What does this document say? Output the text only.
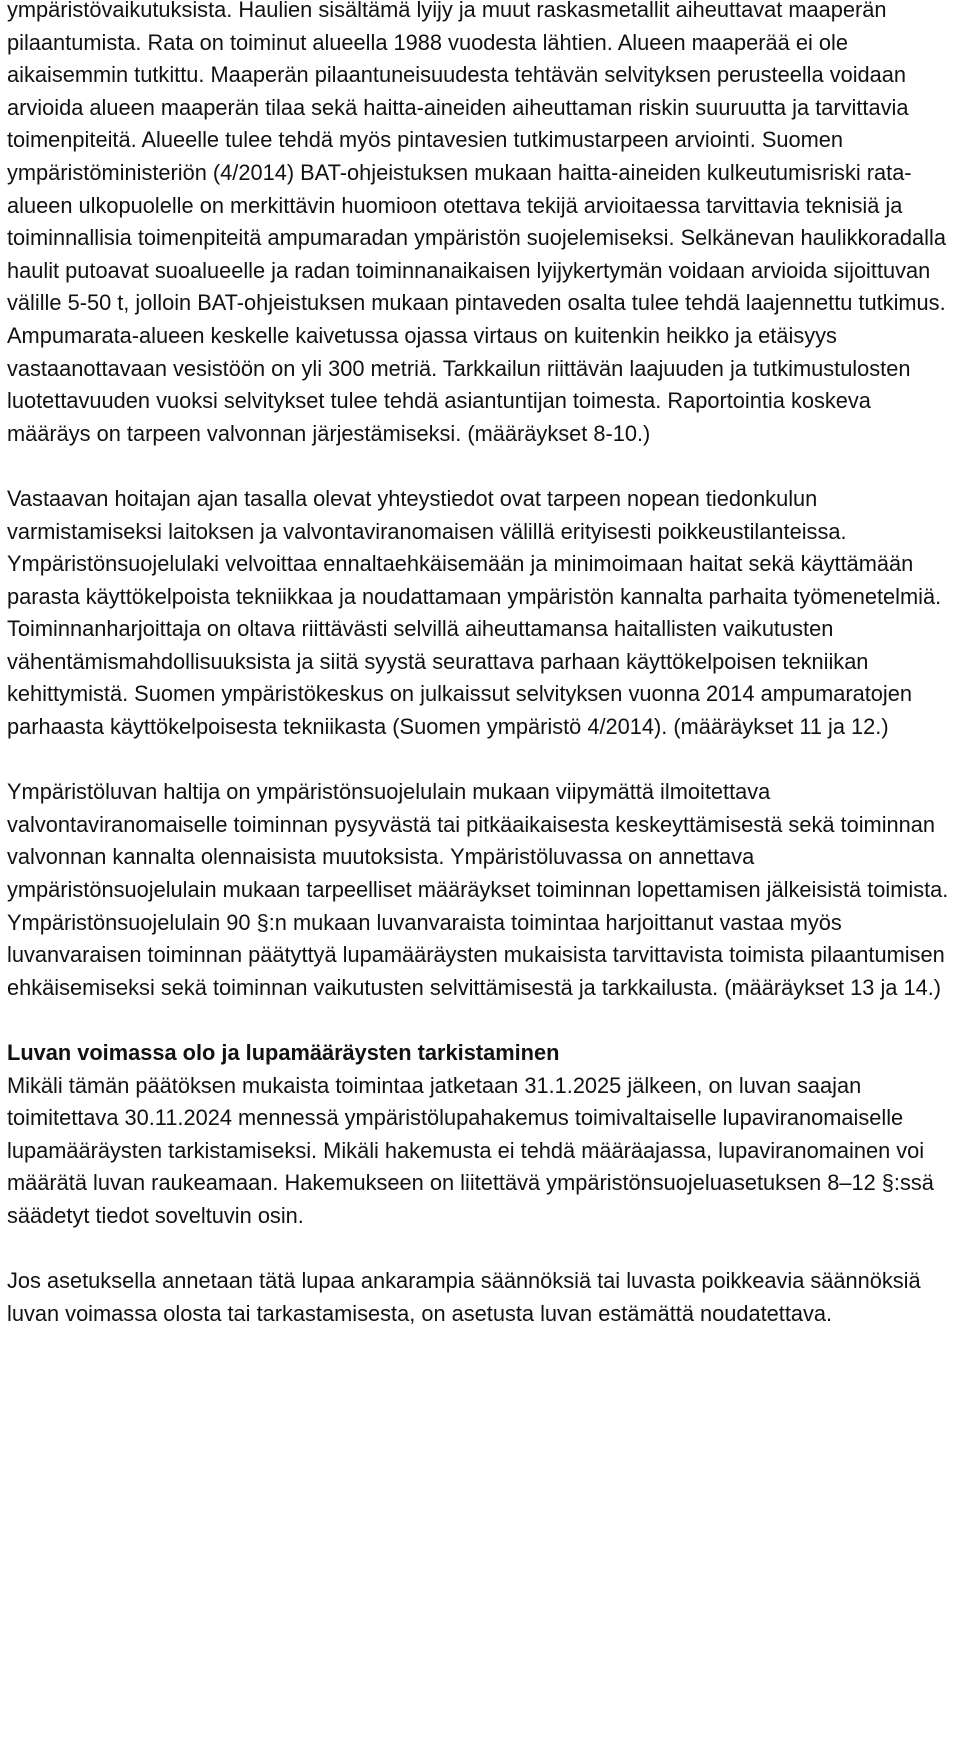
ympäristövaikutuksista. Haulien sisältämä lyijy ja muut raskasmetallit aiheuttavat maaperän pilaantumista. Rata on toiminut alueella 1988 vuodesta lähtien. Alueen maaperää ei ole aikaisemmin tutkittu. Maaperän pilaantuneisuudesta tehtävän selvityksen perusteella voidaan arvioida alueen maaperän tilaa sekä haitta-aineiden aiheuttaman riskin suuruutta ja tarvittavia toimenpiteitä. Alueelle tulee tehdä myös pintavesien tutkimustarpeen arviointi. Suomen ympäristöministeriön (4/2014) BAT-ohjeistuksen mukaan haitta-aineiden kulkeutumisriski rata-alueen ulkopuolelle on merkittävin huomioon otettava tekijä arvioitaessa tarvittavia teknisiä ja toiminnallisia toimenpiteitä ampumaradan ympäristön suojelemiseksi. Selkänevan haulikkoradalla haulit putoavat suoalueelle ja radan toiminnanaikaisen lyijykertymän voidaan arvioida sijoittuvan välille 5-50 t, jolloin BAT-ohjeistuksen mukaan pintaveden osalta tulee tehdä laajennettu tutkimus. Ampumarata-alueen keskelle kaivetussa ojassa virtaus on kuitenkin heikko ja etäisyys vastaanottavaan vesistöön on yli 300 metriä. Tarkkailun riittävän laajuuden ja tutkimustulosten luotettavuuden vuoksi selvitykset tulee tehdä asiantuntijan toimesta. Raportointia koskeva määräys on tarpeen valvonnan järjestämiseksi. (määräykset 8-10.)

Vastaavan hoitajan ajan tasalla olevat yhteystiedot ovat tarpeen nopean tiedonkulun varmistamiseksi laitoksen ja valvontaviranomaisen välillä erityisesti poikkeustilanteissa. Ympäristönsuojelulaki velvoittaa ennaltaehkäisemään ja minimoimaan haitat sekä käyttämään parasta käyttökelpoista tekniikkaa ja noudattamaan ympäristön kannalta parhaita työmenetelmiä. Toiminnanharjoittaja on oltava riittävästi selvillä aiheuttamansa haitallisten vaikutusten vähentämismahdollisuuksista ja siitä syystä seurattava parhaan käyttökelpoisen tekniikan kehittymistä. Suomen ympäristökeskus on julkaissut selvityksen vuonna 2014 ampumaratojen parhaasta käyttökelpoisesta tekniikasta (Suomen ympäristö 4/2014). (määräykset 11 ja 12.)

Ympäristöluvan haltija on ympäristönsuojelulain mukaan viipymättä ilmoitettava valvontaviranomaiselle toiminnan pysyvästä tai pitkäaikaisesta keskeyttämisestä sekä toiminnan valvonnan kannalta olennaisista muutoksista. Ympäristöluvassa on annettava ympäristönsuojelulain mukaan tarpeelliset määräykset toiminnan lopettamisen jälkeisistä toimista. Ympäristönsuojelulain 90 §:n mukaan luvanvaraista toimintaa harjoittanut vastaa myös luvanvaraisen toiminnan päätyttyä lupamääräysten mukaisista tarvittavista toimista pilaantumisen ehkäisemiseksi sekä toiminnan vaikutusten selvittämisestä ja tarkkailusta. (määräykset 13 ja 14.)

Luvan voimassa olo ja lupamääräysten tarkistaminen

Mikäli tämän päätöksen mukaista toimintaa jatketaan 31.1.2025 jälkeen, on luvan saajan toimitettava 30.11.2024 mennessä ympäristölupahakemus toimivaltaiselle lupaviranomaiselle lupamääräysten tarkistamiseksi. Mikäli hakemusta ei tehdä määräajassa, lupaviranomainen voi määrätä luvan raukeamaan. Hakemukseen on liitettävä ympäristönsuojeluasetuksen 8–12 §:ssä säädetyt tiedot soveltuvin osin.

Jos asetuksella annetaan tätä lupaa ankarampia säännöksiä tai luvasta poikkeavia säännöksiä luvan voimassa olosta tai tarkastamisesta, on asetusta luvan estämättä noudatettava.
